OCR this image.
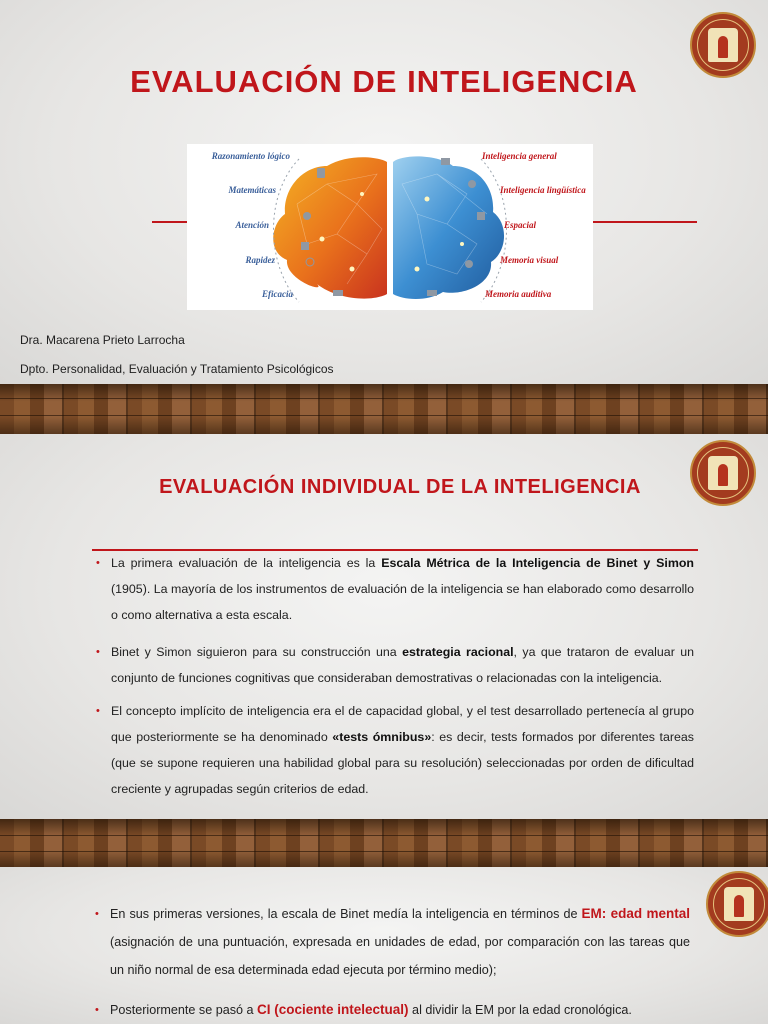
EVALUACIÓN DE INTELIGENCIA
Razonamiento lógico
Matemáticas
Atención
Rapidez
Eficacia
Inteligencia general
Inteligencia lingüística
Espacial
Memoria visual
Memoria auditiva
Dra. Macarena Prieto Larrocha
Dpto. Personalidad, Evaluación y Tratamiento Psicológicos
EVALUACIÓN INDIVIDUAL DE LA INTELIGENCIA
• La primera evaluación de la inteligencia es la Escala Métrica de la Inteligencia de Binet y Simon (1905). La mayoría de los instrumentos de evaluación de la inteligencia se han elaborado como desarrollo o como alternativa a esta escala.
• Binet y Simon siguieron para su construcción una estrategia racional, ya que trataron de evaluar un conjunto de funciones cognitivas que consideraban demostrativas o relacionadas con la inteligencia.
• El concepto implícito de inteligencia era el de capacidad global, y el test desarrollado pertenecía al grupo que posteriormente se ha denominado «tests ómnibus»: es decir, tests formados por diferentes tareas (que se supone requieren una habilidad global para su resolución) seleccionadas por orden de dificultad creciente y agrupadas según criterios de edad.
• En sus primeras versiones, la escala de Binet medía la inteligencia en términos de EM: edad mental (asignación de una puntuación, expresada en unidades de edad, por comparación con las tareas que un niño normal de esa determinada edad ejecuta por término medio);
• Posteriormente se pasó a CI (cociente intelectual) al dividir la EM por la edad cronológica.
